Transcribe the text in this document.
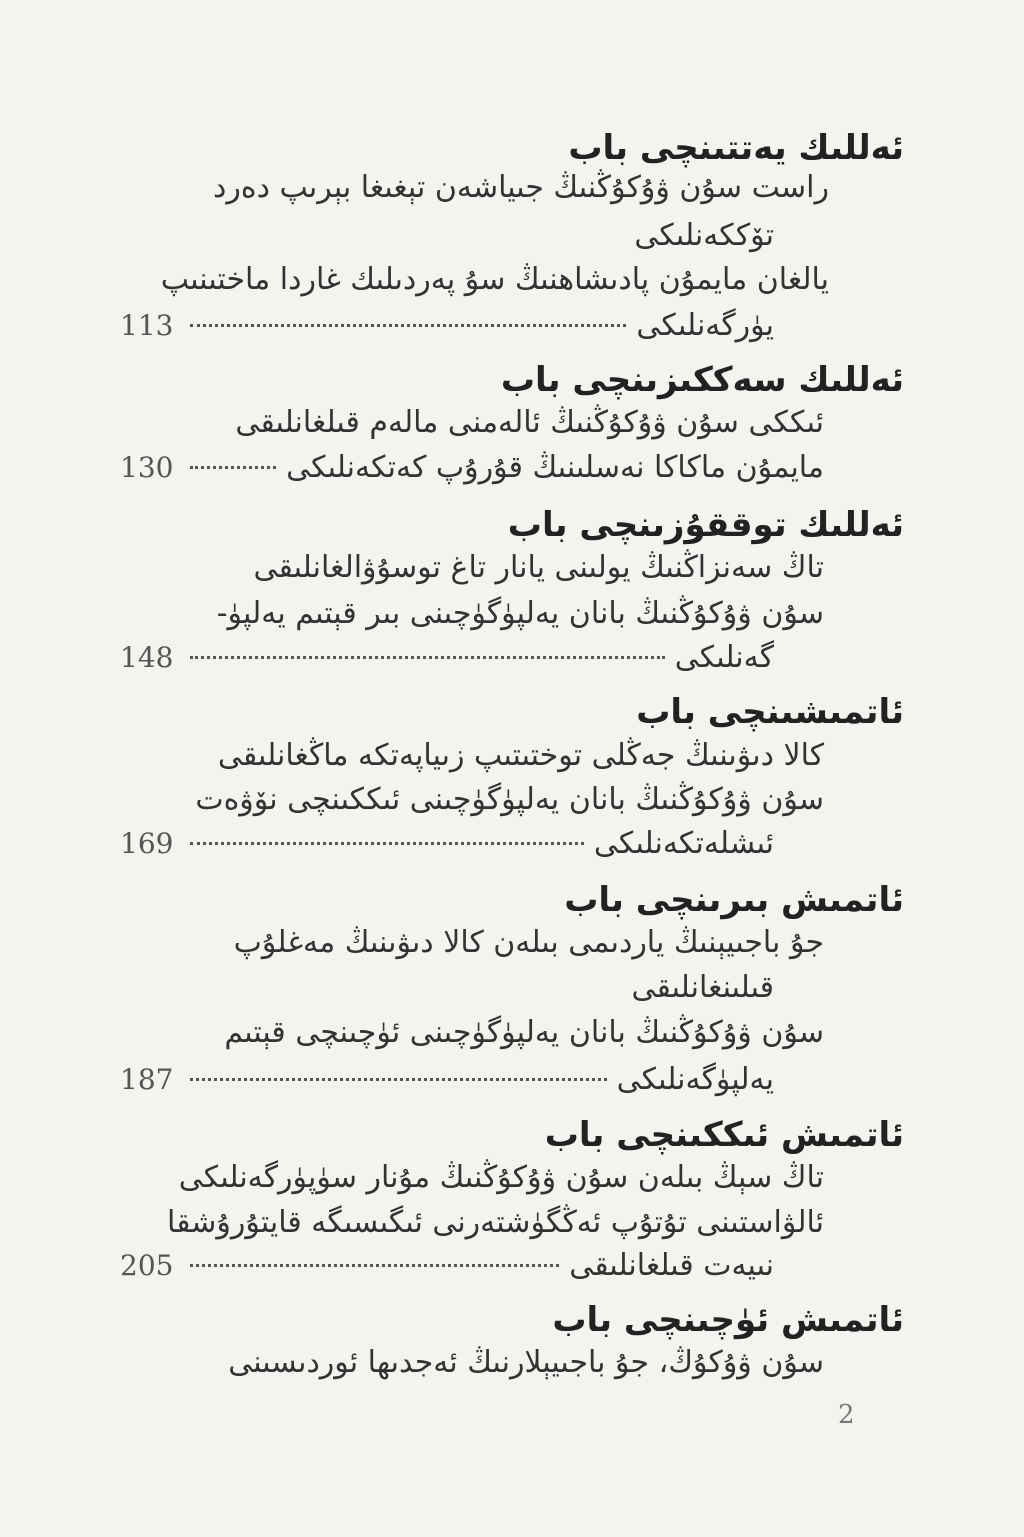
ئەللىك يەتتىنچى باب
راست سۇن ۋۇكۇڭنىڭ جىياشەن تېغىغا بېرىپ دەرد
تۆككەنلىكى
يالغان مايمۇن پادىشاھنىڭ سۇ پەردىلىك غاردا ماختىنىپ
113	يۈرگەنلىكى
ئەللىك سەككىزىنچى باب
ئىككى سۇن ۋۇكۇڭنىڭ ئالەمنى مالەم قىلغانلىقى
130	مايمۇن ماكاكا نەسلىنىڭ قۇرۇپ كەتكەنلىكى
ئەللىك توققۇزىنچى باب
تاڭ سەنزاڭنىڭ يولىنى يانار تاغ توسۇۋالغانلىقى
سۇن ۋۇكۇڭنىڭ بانان يەلپۈگۈچىنى بىر قېتىم يەلپۈ-
148	گەنلىكى
ئاتمىشىنچى باب
كالا دىۋىنىڭ جەڭلى توختىتىپ زىياپەتكە ماڭغانلىقى
سۇن ۋۇكۇڭنىڭ بانان يەلپۈگۈچىنى ئىككىنچى نۆۋەت
169	ئىشلەتكەنلىكى
ئاتمىش بىرىنچى باب
جۇ باجىيېنىڭ ياردىمى بىلەن كالا دىۋىنىڭ مەغلۇپ
قىلىنغانلىقى
سۇن ۋۇكۇڭنىڭ بانان يەلپۈگۈچىنى ئۈچىنچى قېتىم
187	يەلپۈگەنلىكى
ئاتمىش ئىككىنچى باب
تاڭ سېڭ بىلەن سۇن ۋۇكۇڭنىڭ مۇنار سۈپۈرگەنلىكى
ئالۋاستىنى تۇتۇپ ئەڭگۈشتەرنى ئىگىسىگە قايتۇرۇشقا
205	نىيەت قىلغانلىقى
ئاتمىش ئۈچىنچى باب
سۇن ۋۇكۇڭ، جۇ باجىيېلارنىڭ ئەجدىها ئوردىسىنى
2
